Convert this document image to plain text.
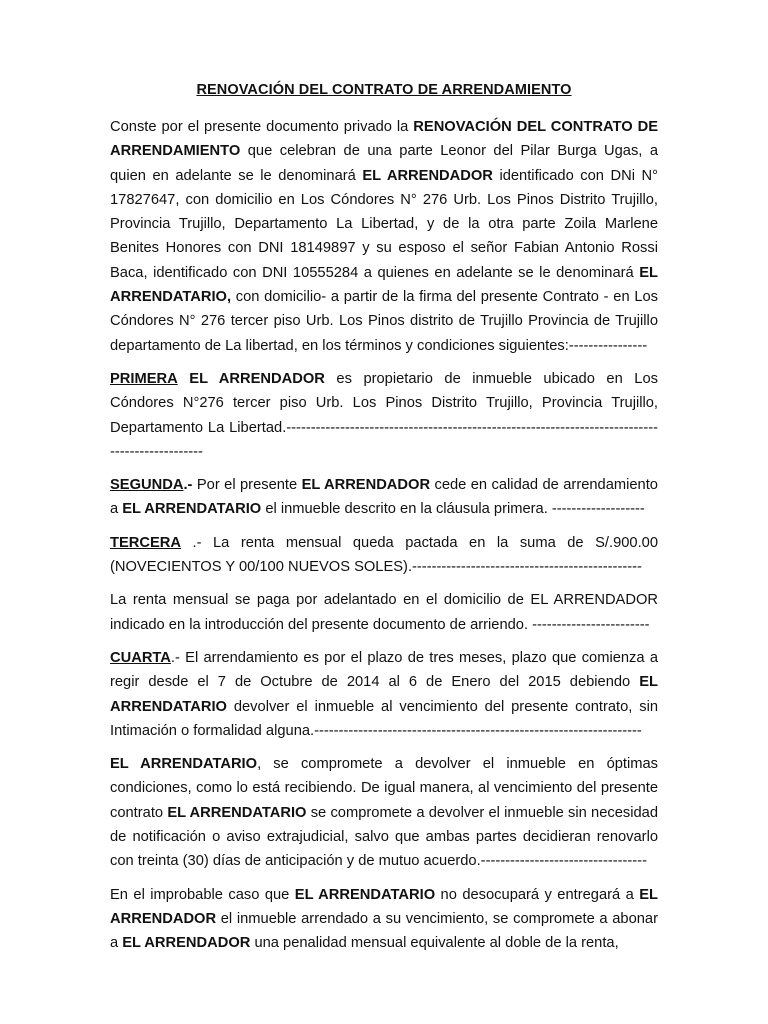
RENOVACIÓN DEL CONTRATO DE ARRENDAMIENTO

Conste por el presente documento privado la RENOVACIÓN DEL CONTRATO DE ARRENDAMIENTO que celebran de una parte Leonor del Pilar Burga Ugas, a quien en adelante se le denominará EL ARRENDADOR identificado con DNi N° 17827647, con domicilio en Los Cóndores N° 276 Urb. Los Pinos Distrito Trujillo, Provincia Trujillo, Departamento La Libertad, y de la otra parte Zoila Marlene Benites Honores con DNI 18149897 y su esposo el señor Fabian Antonio Rossi Baca, identificado con DNI 10555284 a quienes en adelante se le denominará EL ARRENDATARIO, con domicilio- a partir de la firma del presente Contrato - en Los Cóndores N° 276 tercer piso Urb. Los Pinos distrito de Trujillo Provincia de Trujillo departamento de La libertad, en los términos y condiciones siguientes:----------------

PRIMERA EL ARRENDADOR es propietario de inmueble ubicado en Los Cóndores N°276 tercer piso Urb. Los Pinos Distrito Trujillo, Provincia Trujillo, Departamento La Libertad.-----------------------------------------------------------------------------------------------

SEGUNDA.- Por el presente EL ARRENDADOR cede en calidad de arrendamiento a EL ARRENDATARIO el inmueble descrito en la cláusula primera. -------------------

TERCERA .- La renta mensual queda pactada en la suma de S/.900.00 (NOVECIENTOS Y 00/100 NUEVOS SOLES).-----------------------------------------------

La renta mensual se paga por adelantado en el domicilio de EL ARRENDADOR indicado en la introducción del presente documento de arriendo. ------------------------

CUARTA.- El arrendamiento es por el plazo de tres meses, plazo que comienza a regir desde el 7 de Octubre de 2014 al 6 de Enero del 2015 debiendo EL ARRENDATARIO devolver el inmueble al vencimiento del presente contrato, sin Intimación o formalidad alguna.-------------------------------------------------------------------

EL ARRENDATARIO, se compromete a devolver el inmueble en óptimas condiciones, como lo está recibiendo. De igual manera, al vencimiento del presente contrato EL ARRENDATARIO se compromete a devolver el inmueble sin necesidad de notificación o aviso extrajudicial, salvo que ambas partes decidieran renovarlo con treinta (30) días de anticipación y de mutuo acuerdo.----------------------------------

En el improbable caso que EL ARRENDATARIO no desocupará y entregará a EL ARRENDADOR el inmueble arrendado a su vencimiento, se compromete a abonar a EL ARRENDADOR una penalidad mensual equivalente al doble de la renta,
